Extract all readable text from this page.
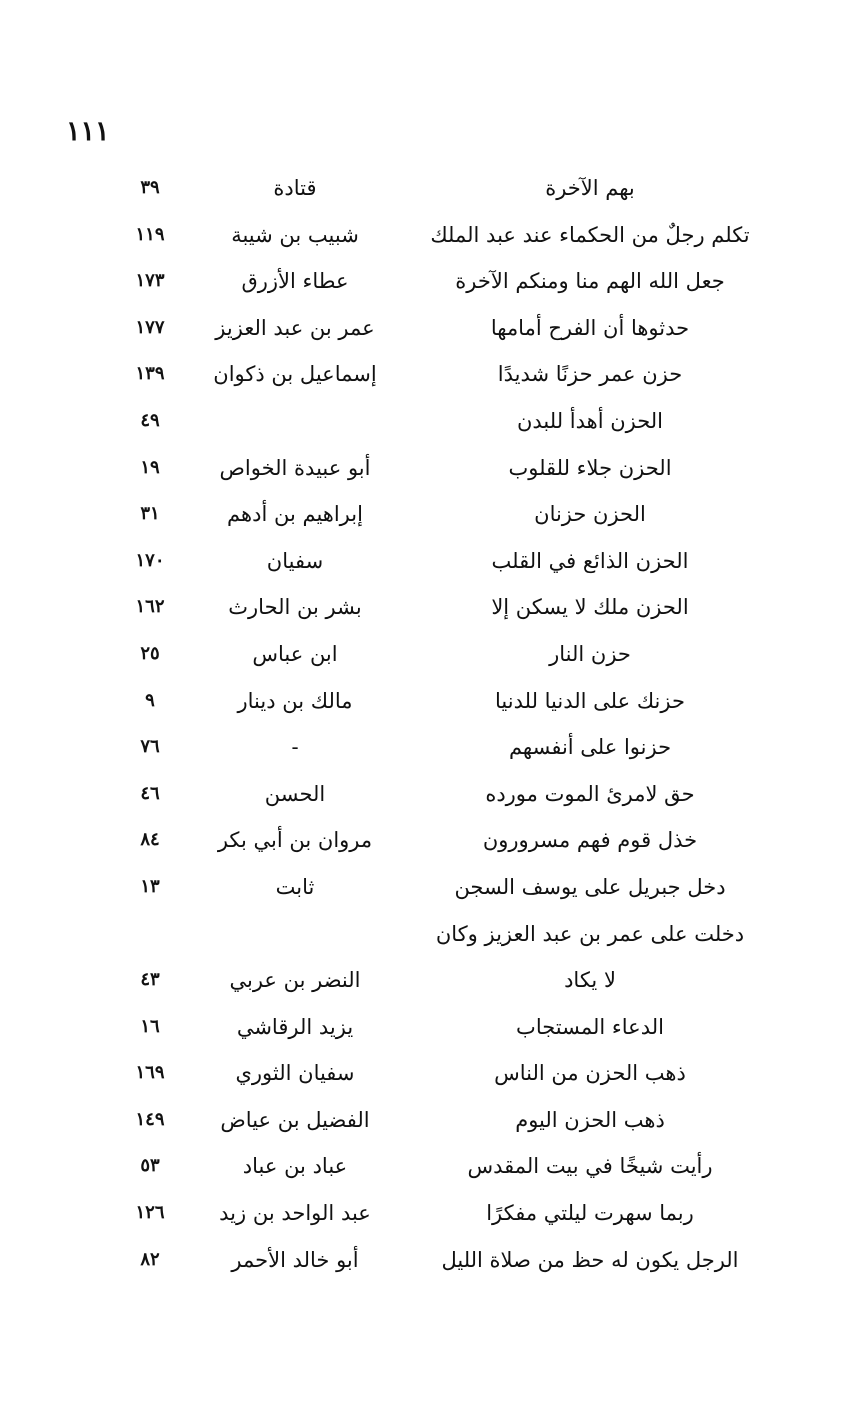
١١١
بهم الآخرة
قتادة
٣٩
تكلم رجلٌ من الحكماء عند عبد الملك
شبيب بن شيبة
١١٩
جعل الله الهم منا ومنكم الآخرة
عطاء الأزرق
١٧٣
حدثوها أن الفرح أمامها
عمر بن عبد العزيز
١٧٧
حزن عمر حزنًا شديدًا
إسماعيل بن ذكوان
١٣٩
الحزن أهدأ للبدن
٤٩
الحزن جلاء للقلوب
أبو عبيدة الخواص
١٩
الحزن حزنان
إبراهيم بن أدهم
٣١
الحزن الذائع في القلب
سفيان
١٧٠
الحزن ملك لا يسكن إلا
بشر بن الحارث
١٦٢
حزن النار
ابن عباس
٢٥
حزنك على الدنيا للدنيا
مالك بن دينار
٩
حزنوا على أنفسهم
-
٧٦
حق لامرئ الموت مورده
الحسن
٤٦
خذل قوم فهم مسرورون
مروان بن أبي بكر
٨٤
دخل جبريل على يوسف السجن
ثابت
١٣
دخلت على عمر بن عبد العزيز وكان
لا يكاد
النضر بن عربي
٤٣
الدعاء المستجاب
يزيد الرقاشي
١٦
ذهب الحزن من الناس
سفيان الثوري
١٦٩
ذهب الحزن اليوم
الفضيل بن عياض
١٤٩
رأيت شيخًا في بيت المقدس
عباد بن عباد
٥٣
ربما سهرت ليلتي مفكرًا
عبد الواحد بن زيد
١٢٦
الرجل يكون له حظ من صلاة الليل
أبو خالد الأحمر
٨٢
